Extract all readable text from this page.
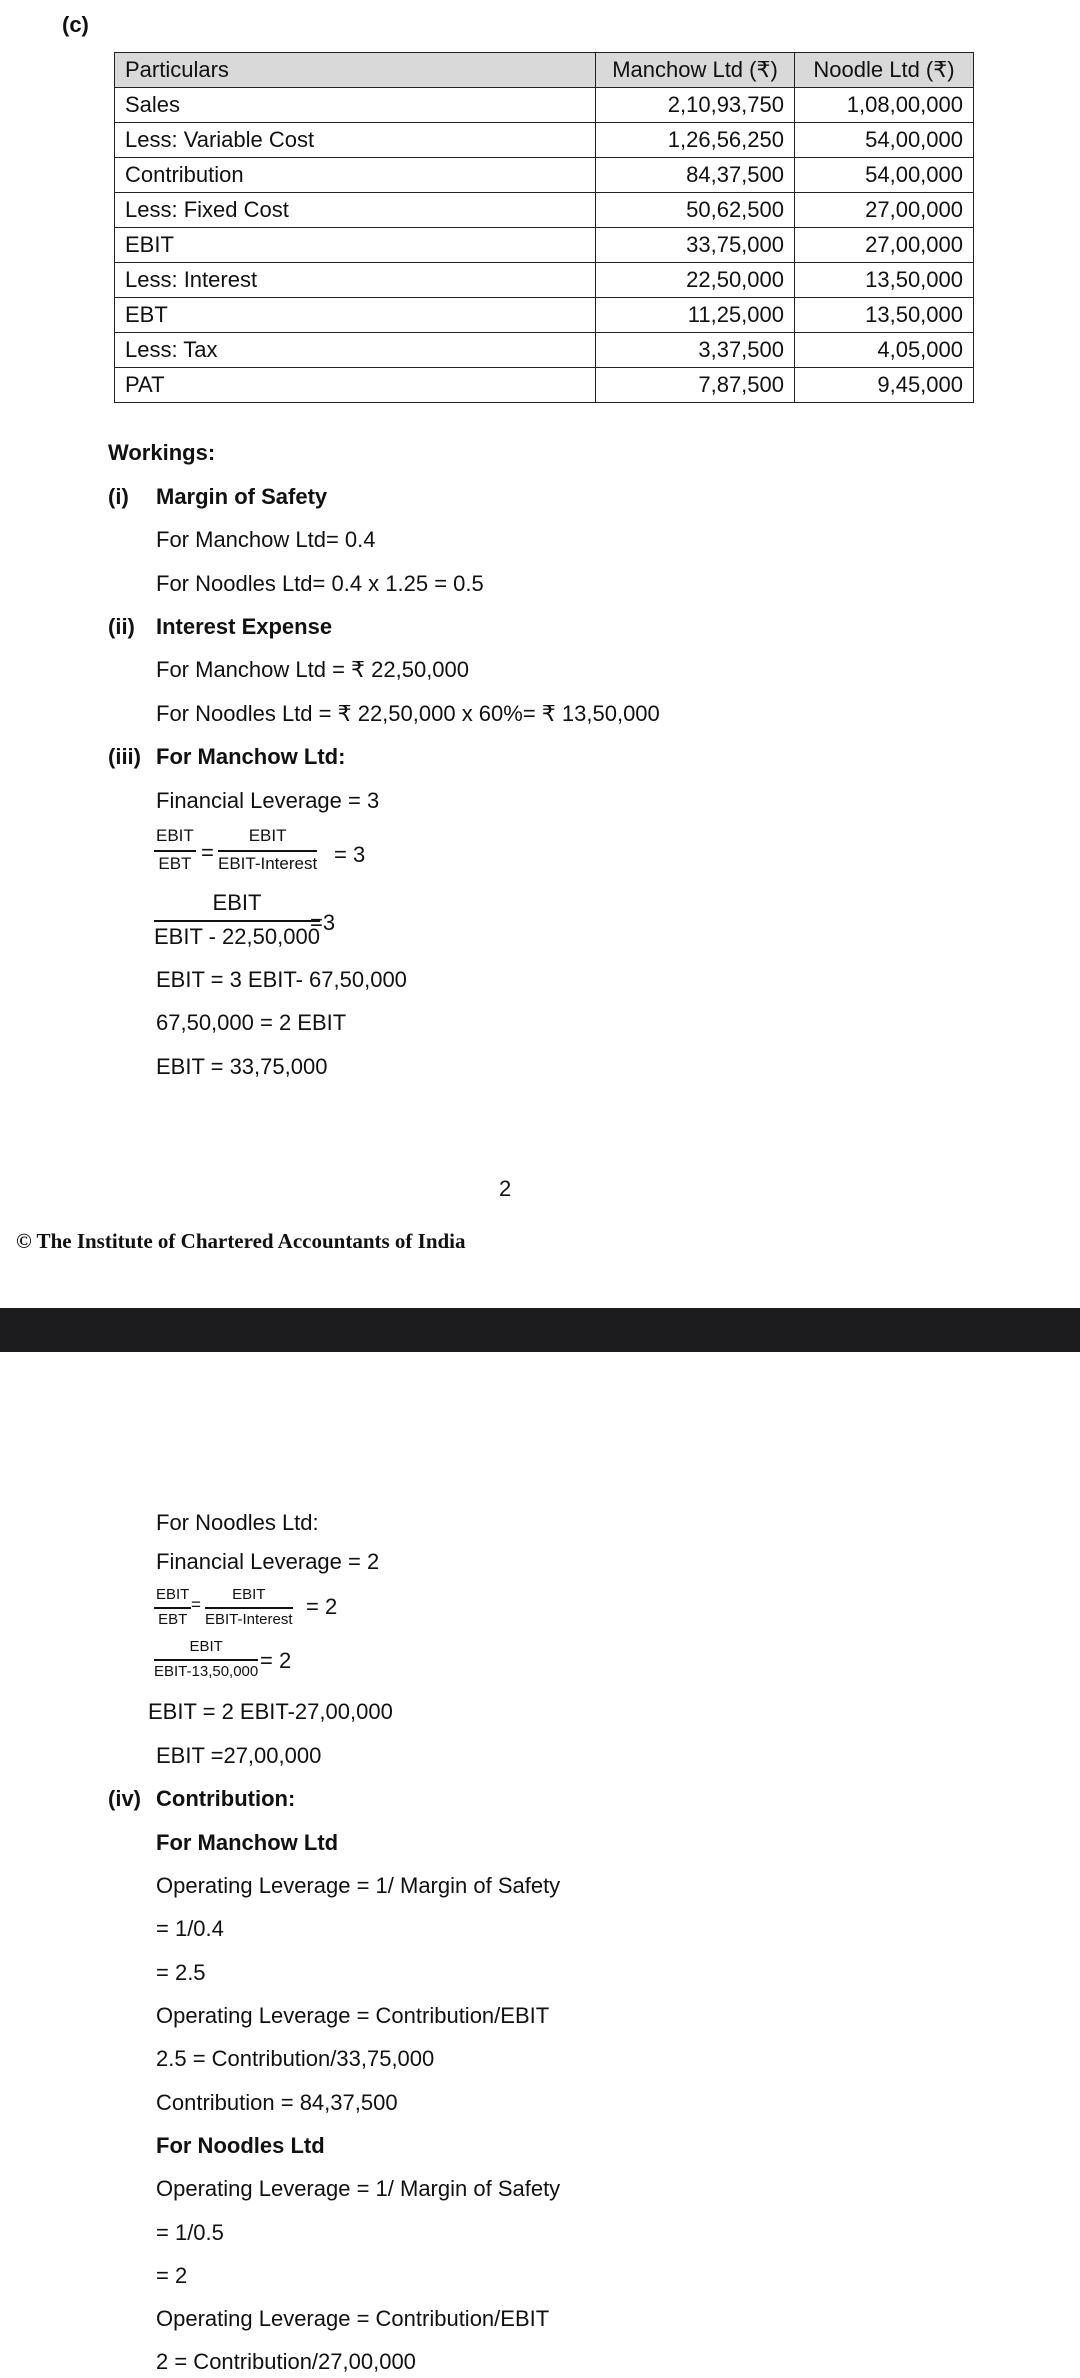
(c)
Particulars	Manchow Ltd (₹)	Noodle Ltd (₹)
Sales	2,10,93,750	1,08,00,000
Less: Variable Cost	1,26,56,250	54,00,000
Contribution	84,37,500	54,00,000
Less: Fixed Cost	50,62,500	27,00,000
EBIT	33,75,000	27,00,000
Less: Interest	22,50,000	13,50,000
EBT	11,25,000	13,50,000
Less: Tax	3,37,500	4,05,000
PAT	7,87,500	9,45,000
Workings:
(i) Margin of Safety
For Manchow Ltd= 0.4
For Noodles Ltd= 0.4 x 1.25 = 0.5
(ii) Interest Expense
For Manchow Ltd = ₹ 22,50,000
For Noodles Ltd = ₹ 22,50,000 x 60%= ₹ 13,50,000
(iii) For Manchow Ltd:
Financial Leverage = 3
EBIT
EBT =
EBIT
EBIT-Interest = 3
EBIT
EBIT - 22,50,000
=3
EBIT = 3 EBIT- 67,50,000
67,50,000 = 2 EBIT
EBIT = 33,75,000
2
© The Institute of Chartered Accountants of India
For Noodles Ltd:
Financial Leverage = 2
EBIT
EBT
=
EBIT
EBIT-Interest
= 2
EBIT
EBIT-13,50,000 = 2
EBIT = 2 EBIT-27,00,000
EBIT =27,00,000
(iv) Contribution:
For Manchow Ltd
Operating Leverage = 1/ Margin of Safety
= 1/0.4
= 2.5
Operating Leverage = Contribution/EBIT
2.5 = Contribution/33,75,000
Contribution = 84,37,500
For Noodles Ltd
Operating Leverage = 1/ Margin of Safety
= 1/0.5
= 2
Operating Leverage = Contribution/EBIT
2 = Contribution/27,00,000
